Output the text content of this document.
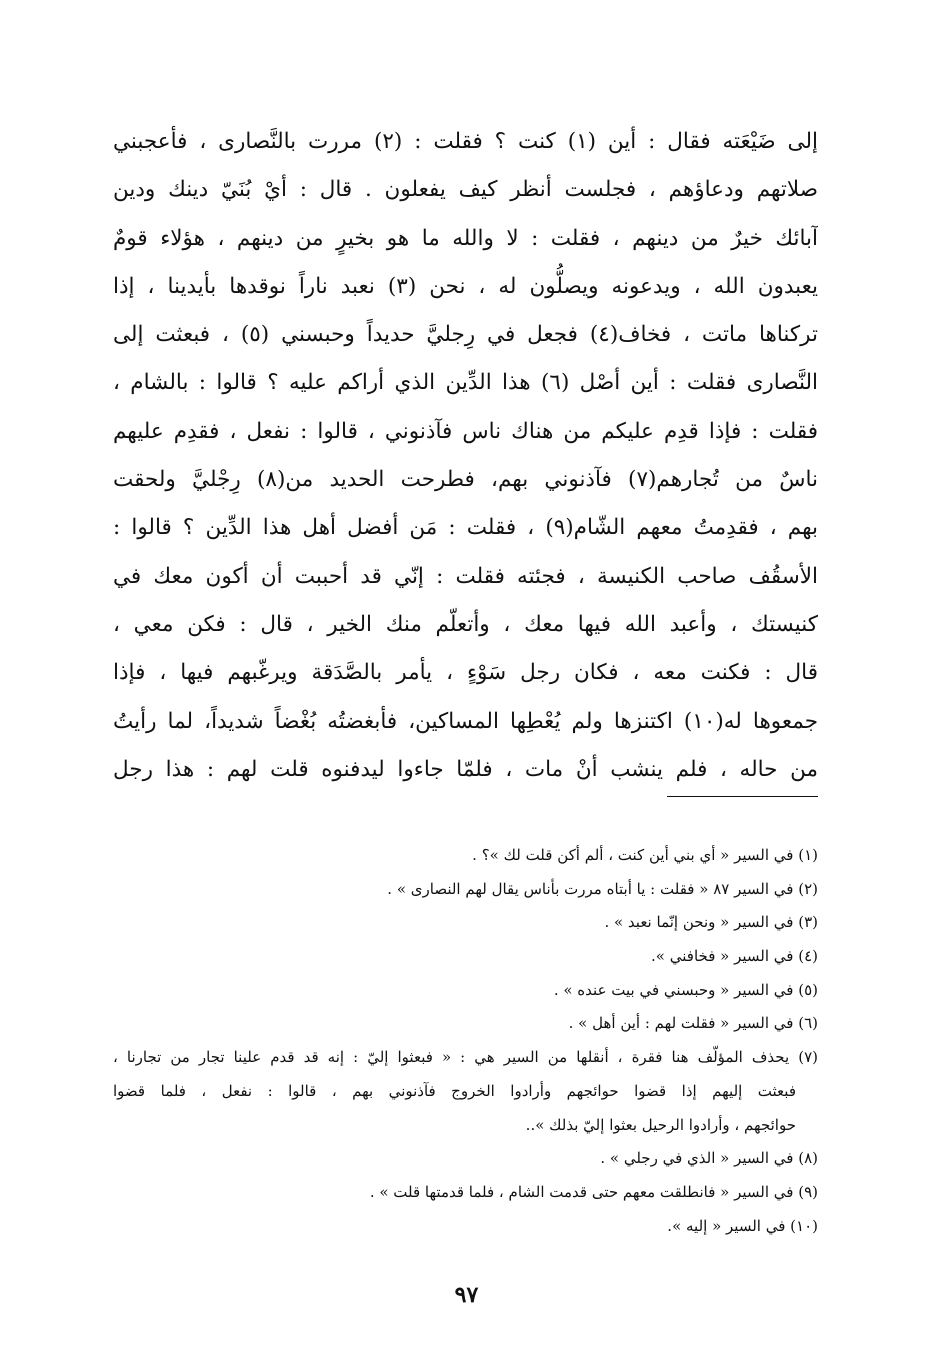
إلى ضَيْعَته فقال : أين (١) كنت ؟ فقلت : (٢) مررت بالنَّصارى ، فأعجبني
صلاتهم ودعاؤهم ، فجلست أنظر كيف يفعلون . قال : أيْ بُنَيّ دينك ودين
آبائك خيرٌ من دينهم ، فقلت : لا والله ما هو بخيرٍ من دينهم ، هؤلاء قومٌ
يعبدون الله ، ويدعونه ويصلُّون له ، نحن (٣) نعبد ناراً نوقدها بأيدينا ، إذا
تركناها ماتت ، فخاف(٤) فجعل في رِجليَّ حديداً وحبسني (٥) ، فبعثت إلى
النَّصارى فقلت : أين أصْل (٦) هذا الدِّين الذي أراكم عليه ؟ قالوا : بالشام ،
فقلت : فإذا قدِم عليكم من هناك ناس فآذنوني ، قالوا : نفعل ، فقدِم عليهم
ناسٌ من تُجارهم(٧) فآذنوني بهم، فطرحت الحديد من(٨) رِجْليَّ ولحقت
بهم ، فقدِمتُ معهم الشّام(٩) ، فقلت : مَن أفضل أهل هذا الدِّين ؟ قالوا :
الأسقُف صاحب الكنيسة ، فجئته فقلت : إنّي قد أحببت أن أكون معك في
كنيستك ، وأعبد الله فيها معك ، وأتعلّم منك الخير ، قال : فكن معي ،
قال : فكنت معه ، فكان رجل سَوْءٍ ، يأمر بالصَّدَقة ويرغّبهم فيها ، فإذا
جمعوها له(١٠) اكتنزها ولم يُعْطِها المساكين، فأبغضتُه بُغْضاً شديداً، لما رأيتُ
من حاله ، فلم ينشب أنْ مات ، فلمّا جاءوا ليدفنوه قلت لهم : هذا رجل
(١) في السير « أي بني أين كنت ، ألم أكن قلت لك »؟ .
(٢) في السير ٨٧ « فقلت : يا أبتاه مررت بأناس يقال لهم النصارى » .
(٣) في السير « ونحن إنّما نعبد » .
(٤) في السير « فخافني ».
(٥) في السير « وحبسني في بيت عنده » .
(٦) في السير « فقلت لهم : أين أهل » .
(٧) يحذف المؤلّف هنا فقرة ، أنقلها من السير هي : « فبعثوا إليّ : إنه قد قدم علينا تجار من تجارنا ،
فبعثت إليهم إذا قضوا حوائجهم وأرادوا الخروج فآذنوني بهم ، قالوا : نفعل ، فلما قضوا
حوائجهم ، وأرادوا الرحيل بعثوا إليّ بذلك »..
(٨) في السير « الذي في رجلي » .
(٩) في السير « فانطلقت معهم حتى قدمت الشام ، فلما قدمتها قلت » .
(١٠) في السير « إليه ».
٩٧
